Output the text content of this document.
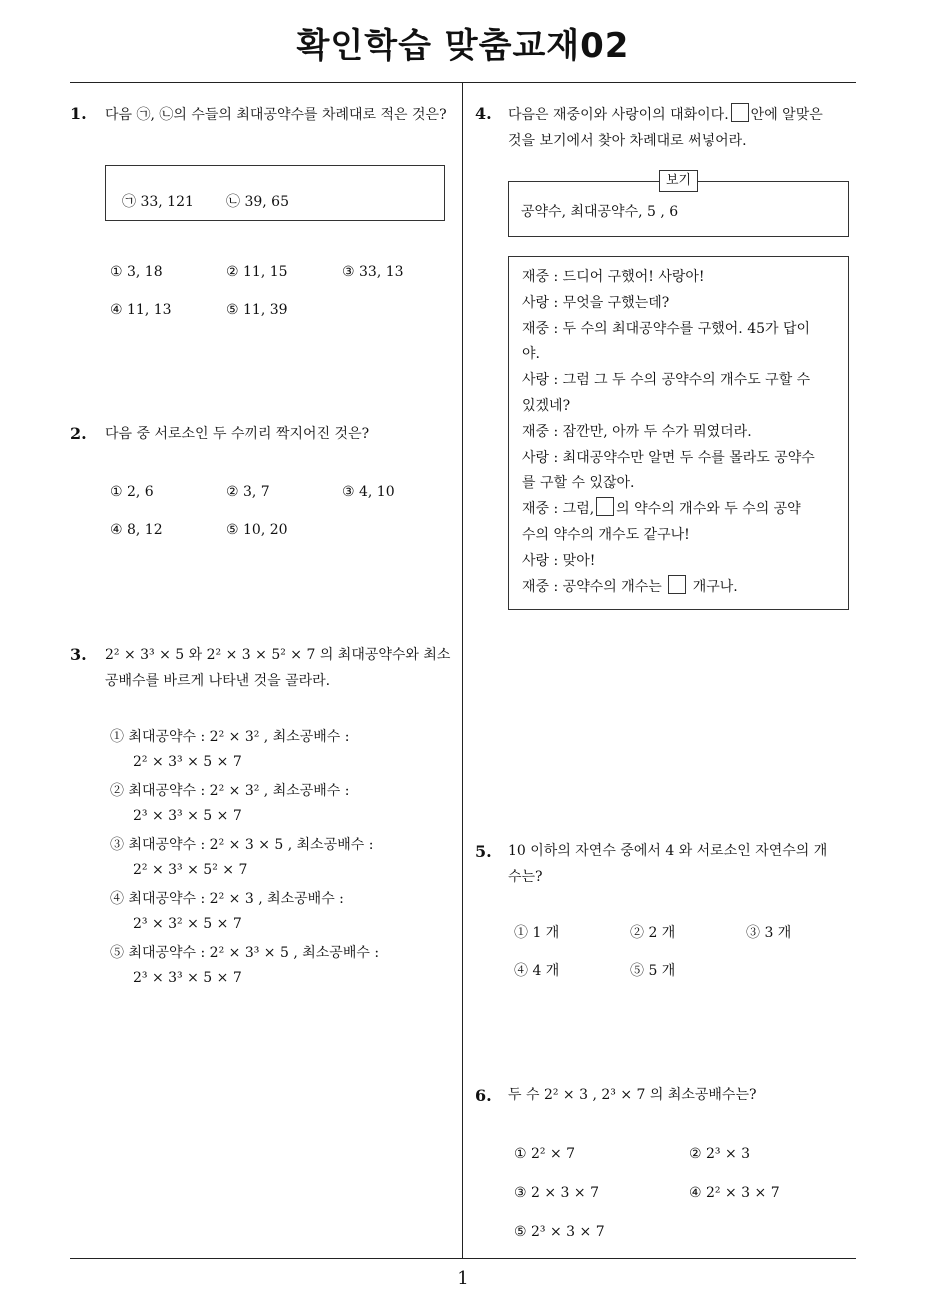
확인학습 맞춤교재02
1
1. 다음 ㉠, ㉡의 수들의 최대공약수를 차례대로 적은 것은?
㉠ 33, 121 ㉡ 39, 65
① 3, 18	② 11, 15	③ 33, 13
④ 11, 13	⑤ 11, 39
2. 다음 중 서로소인 두 수끼리 짝지어진 것은?
① 2, 6	② 3, 7	③ 4, 10
④ 8, 12	⑤ 10, 20
3. 2² × 3³ × 5 와 2² × 3 × 5² × 7 의 최대공약수와 최소
공배수를 바르게 나타낸 것을 골라라.
① 최대공약수 : 2² × 3² , 최소공배수 :
2² × 3³ × 5 × 7
② 최대공약수 : 2² × 3² , 최소공배수 :
2³ × 3³ × 5 × 7
③ 최대공약수 : 2² × 3 × 5 , 최소공배수 :
2² × 3³ × 5² × 7
④ 최대공약수 : 2² × 3 , 최소공배수 :
2³ × 3² × 5 × 7
⑤ 최대공약수 : 2² × 3³ × 5 , 최소공배수 :
2³ × 3³ × 5 × 7
4. 다음은 재중이와 사랑이의 대화이다. 안에 알맞은
것을 보기에서 찾아 차례대로 써넣어라.
보기
공약수, 최대공약수, 5 , 6
재중 : 드디어 구했어! 사랑아!
사랑 : 무엇을 구했는데?
재중 : 두 수의 최대공약수를 구했어. 45가 답이
야.
사랑 : 그럼 그 두 수의 공약수의 개수도 구할 수
있겠네?
재중 : 잠깐만, 아까 두 수가 뭐였더라.
사랑 : 최대공약수만 알면 두 수를 몰라도 공약수
를 구할 수 있잖아.
재중 : 그럼, 의 약수의 개수와 두 수의 공약
수의 약수의 개수도 같구나!
사랑 : 맞아!
재중 : 공약수의 개수는 개구나.
5. 10 이하의 자연수 중에서 4 와 서로소인 자연수의 개
수는?
① 1 개	② 2 개	③ 3 개
④ 4 개	⑤ 5 개
6. 두 수 2² × 3 , 2³ × 7 의 최소공배수는?
① 2² × 7	② 2³ × 3
③ 2 × 3 × 7	④ 2² × 3 × 7
⑤ 2³ × 3 × 7
